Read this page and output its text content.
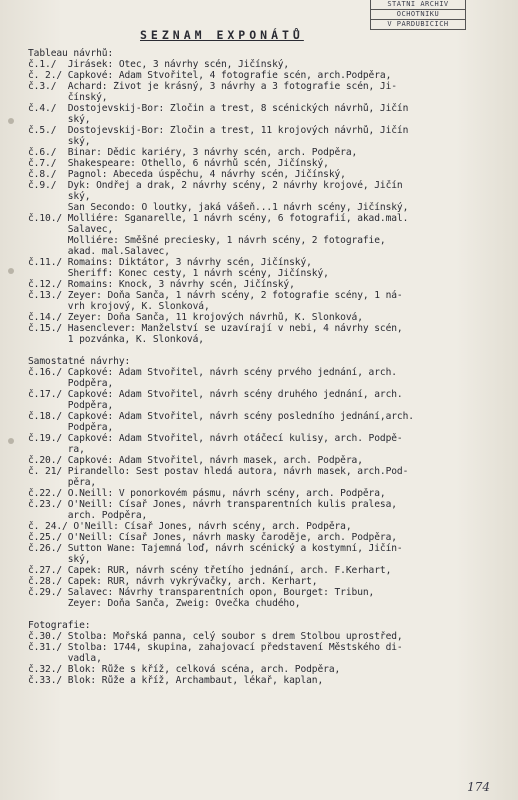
STATNI ARCHIV
OCHOTNIKU
V PARDUBICICH
SEZNAM EXPONÁTŮ
Tableau návrhů:
č.1./  Jirásek: Otec, 3 návrhy scén, Jičínský,
č. 2./ Čapkové: Adam Stvořitel, 4 fotografie scén, arch.Podpěra,
č.3./  Achard: Život je krásný, 3 návrhy a 3 fotografie scén, Ji-
čínský,
č.4./  Dostojevskij-Bor: Zločin a trest, 8 scénických návrhů, Jičín
ský,
č.5./  Dostojevskij-Bor: Zločin a trest, 11 krojových návrhů, Jičín
ský,
č.6./  Binar: Dědic kariéry, 3 návrhy scén, arch. Podpěra,
č.7./  Shakespeare: Othello, 6 návrhů scén, Jičínský,
č.8./  Pagnol: Abeceda úspěchu, 4 návrhy scén, Jičínský,
č.9./  Dyk: Ondřej a drak, 2 návrhy scény, 2 návrhy krojové, Jičín
ský,
San Secondo: O loutky, jaká vášeň...1 návrh scény, Jičínský,
č.10./ Molliére: Sganarelle, 1 návrh scény, 6 fotografií, akad.mal.
Salavec,
Molliére: Směšné preciesky, 1 návrh scény, 2 fotografie,
akad. mal.Salavec,
č.11./ Romains: Diktátor, 3 návrhy scén, Jičínský,
Sheriff: Konec cesty, 1 návrh scény, Jičínský,
č.12./ Romains: Knock, 3 návrhy scén, Jičínský,
č.13./ Zeyer: Doňa Sanča, 1 návrh scény, 2 fotografie scény, 1 ná-
vrh krojový, K. Slonková,
č.14./ Zeyer: Doňa Sanča, 11 krojových návrhů, K. Slonková,
č.15./ Hasenclever: Manželství se uzavírají v nebi, 4 návrhy scén,
1 pozvánka, K. Slonková,
Samostatné návrhy:
č.16./ Čapkové: Adam Stvořitel, návrh scény prvého jednání, arch.
Podpěra,
č.17./ Čapkové: Adam Stvořitel, návrh scény druhého jednání, arch.
Podpěra,
č.18./ Čapkové: Adam Stvořitel, návrh scény posledního jednání,arch.
Podpěra,
č.19./ Čapkové: Adam Stvořitel, návrh otáčecí kulisy, arch. Podpě-
ra,
č.20./ Čapkové: Adam Stvořitel, návrh masek, arch. Podpěra,
č. 21/ Pirandello: Šest postav hledá autora, návrh masek, arch.Pod-
pěra,
č.22./ O.Neill: V ponorkovém pásmu, návrh scény, arch. Podpěra,
č.23./ O'Neill: Císař Jones, návrh transparentních kulis pralesa,
arch. Podpěra,
č. 24./ O'Neill: Císař Jones, návrh scény, arch. Podpěra,
č.25./ O'Neill: Císař Jones, návrh masky čaroděje, arch. Podpěra,
č.26./ Sutton Wane: Tajemná loď, návrh scénický a kostymní, Jičín-
ský,
č.27./ Čapek: RUR, návrh scény třetího jednání, arch. F.Kerhart,
č.28./ Čapek: RUR, návrh vykrývačky, arch. Kerhart,
č.29./ Salavec: Návrhy transparentních opon, Bourget: Tribun,
Zeyer: Doňa Sanča, Zweig: Ovečka chudého,
Fotografie:
č.30./ Štolba: Mořská panna, celý soubor s drem Štolbou uprostřed,
č.31./ Štolba: 1744, skupina, zahajovací představení Městského di-
vadla,
č.32./ Blok: Růže s kříž, celková scéna, arch. Podpěra,
č.33./ Blok: Růže a kříž, Archambaut, lékař, kaplan,
174
